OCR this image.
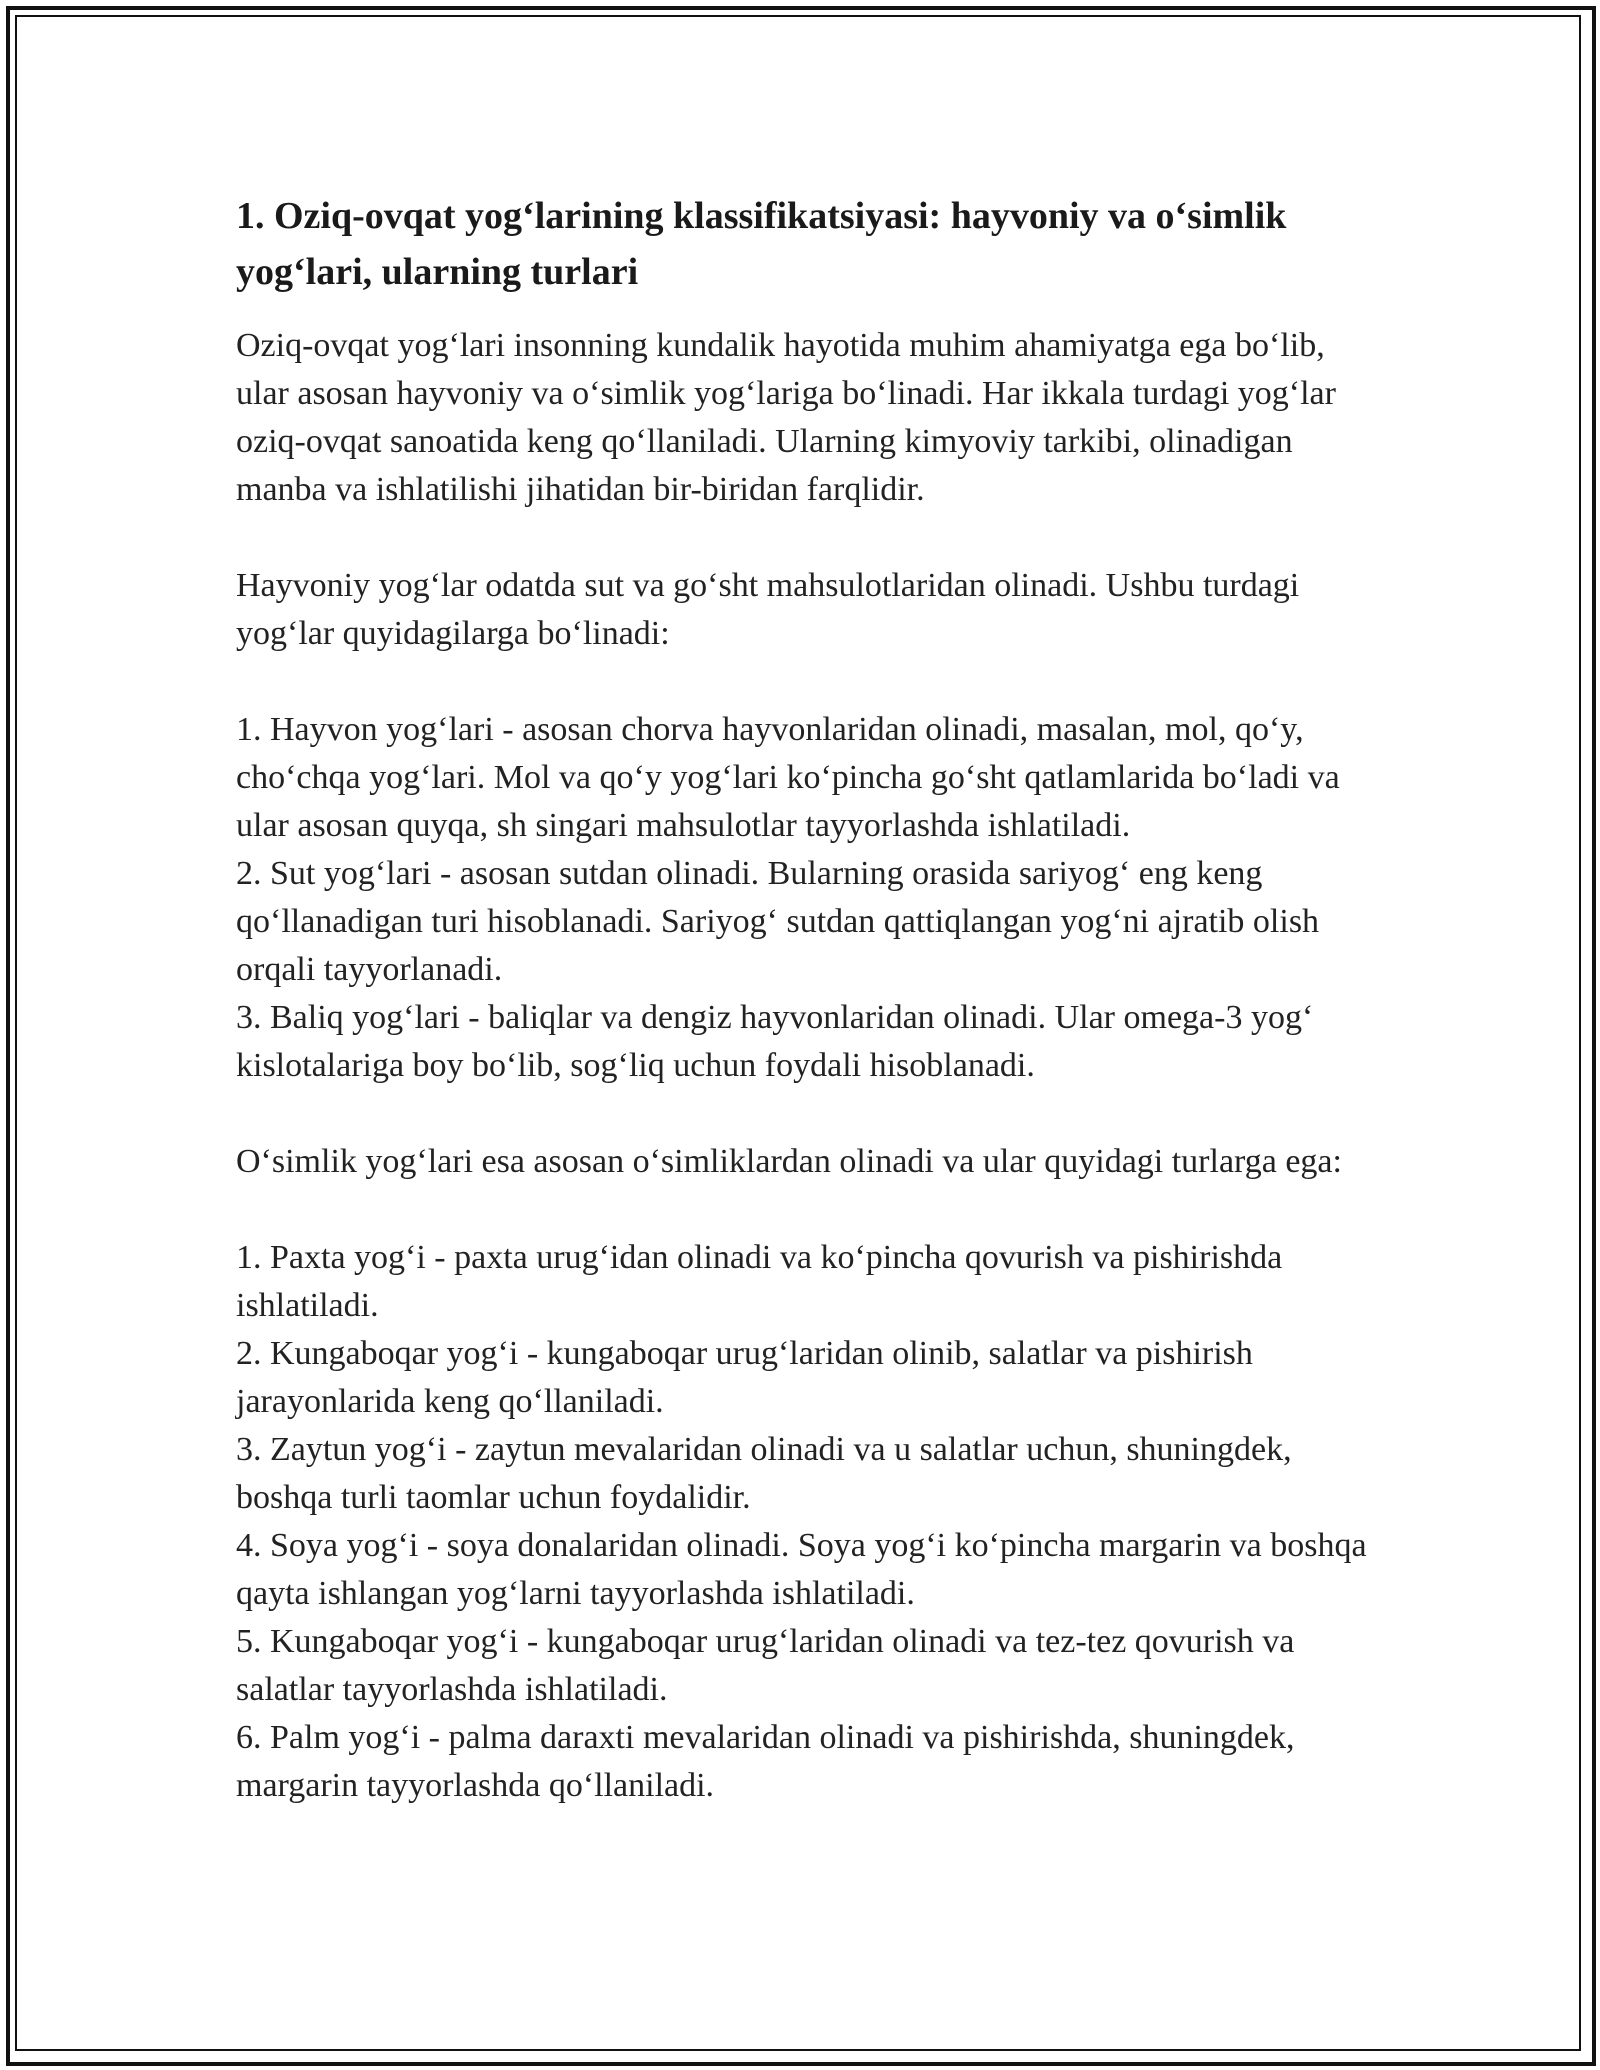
1. Oziq-ovqat yog‘larining klassifikatsiyasi: hayvoniy va o‘simlik yog‘lari, ularning turlari

Oziq-ovqat yog‘lari insonning kundalik hayotida muhim ahamiyatga ega bo‘lib, ular asosan hayvoniy va o‘simlik yog‘lariga bo‘linadi. Har ikkala turdagi yog‘lar oziq-ovqat sanoatida keng qo‘llaniladi. Ularning kimyoviy tarkibi, olinadigan manba va ishlatilishi jihatidan bir-biridan farqlidir.

Hayvoniy yog‘lar odatda sut va go‘sht mahsulotlaridan olinadi. Ushbu turdagi yog‘lar quyidagilarga bo‘linadi:

1. Hayvon yog‘lari - asosan chorva hayvonlaridan olinadi, masalan, mol, qo‘y, cho‘chqa yog‘lari. Mol va qo‘y yog‘lari ko‘pincha go‘sht qatlamlarida bo‘ladi va ular asosan quyqa, sh singari mahsulotlar tayyorlashda ishlatiladi.

2. Sut yog‘lari - asosan sutdan olinadi. Bularning orasida sariyog‘ eng keng qo‘llanadigan turi hisoblanadi. Sariyog‘ sutdan qattiqlangan yog‘ni ajratib olish orqali tayyorlanadi.

3. Baliq yog‘lari - baliqlar va dengiz hayvonlaridan olinadi. Ular omega-3 yog‘ kislotalariga boy bo‘lib, sog‘liq uchun foydali hisoblanadi.

O‘simlik yog‘lari esa asosan o‘simliklardan olinadi va ular quyidagi turlarga ega:

1. Paxta yog‘i - paxta urug‘idan olinadi va ko‘pincha qovurish va pishirishda ishlatiladi.

2. Kungaboqar yog‘i - kungaboqar urug‘laridan olinib, salatlar va pishirish jarayonlarida keng qo‘llaniladi.

3. Zaytun yog‘i - zaytun mevalaridan olinadi va u salatlar uchun, shuningdek, boshqa turli taomlar uchun foydalidir.

4. Soya yog‘i - soya donalaridan olinadi. Soya yog‘i ko‘pincha margarin va boshqa qayta ishlangan yog‘larni tayyorlashda ishlatiladi.

5. Kungaboqar yog‘i - kungaboqar urug‘laridan olinadi va tez-tez qovurish va salatlar tayyorlashda ishlatiladi.

6. Palm yog‘i - palma daraxti mevalaridan olinadi va pishirishda, shuningdek, margarin tayyorlashda qo‘llaniladi.
